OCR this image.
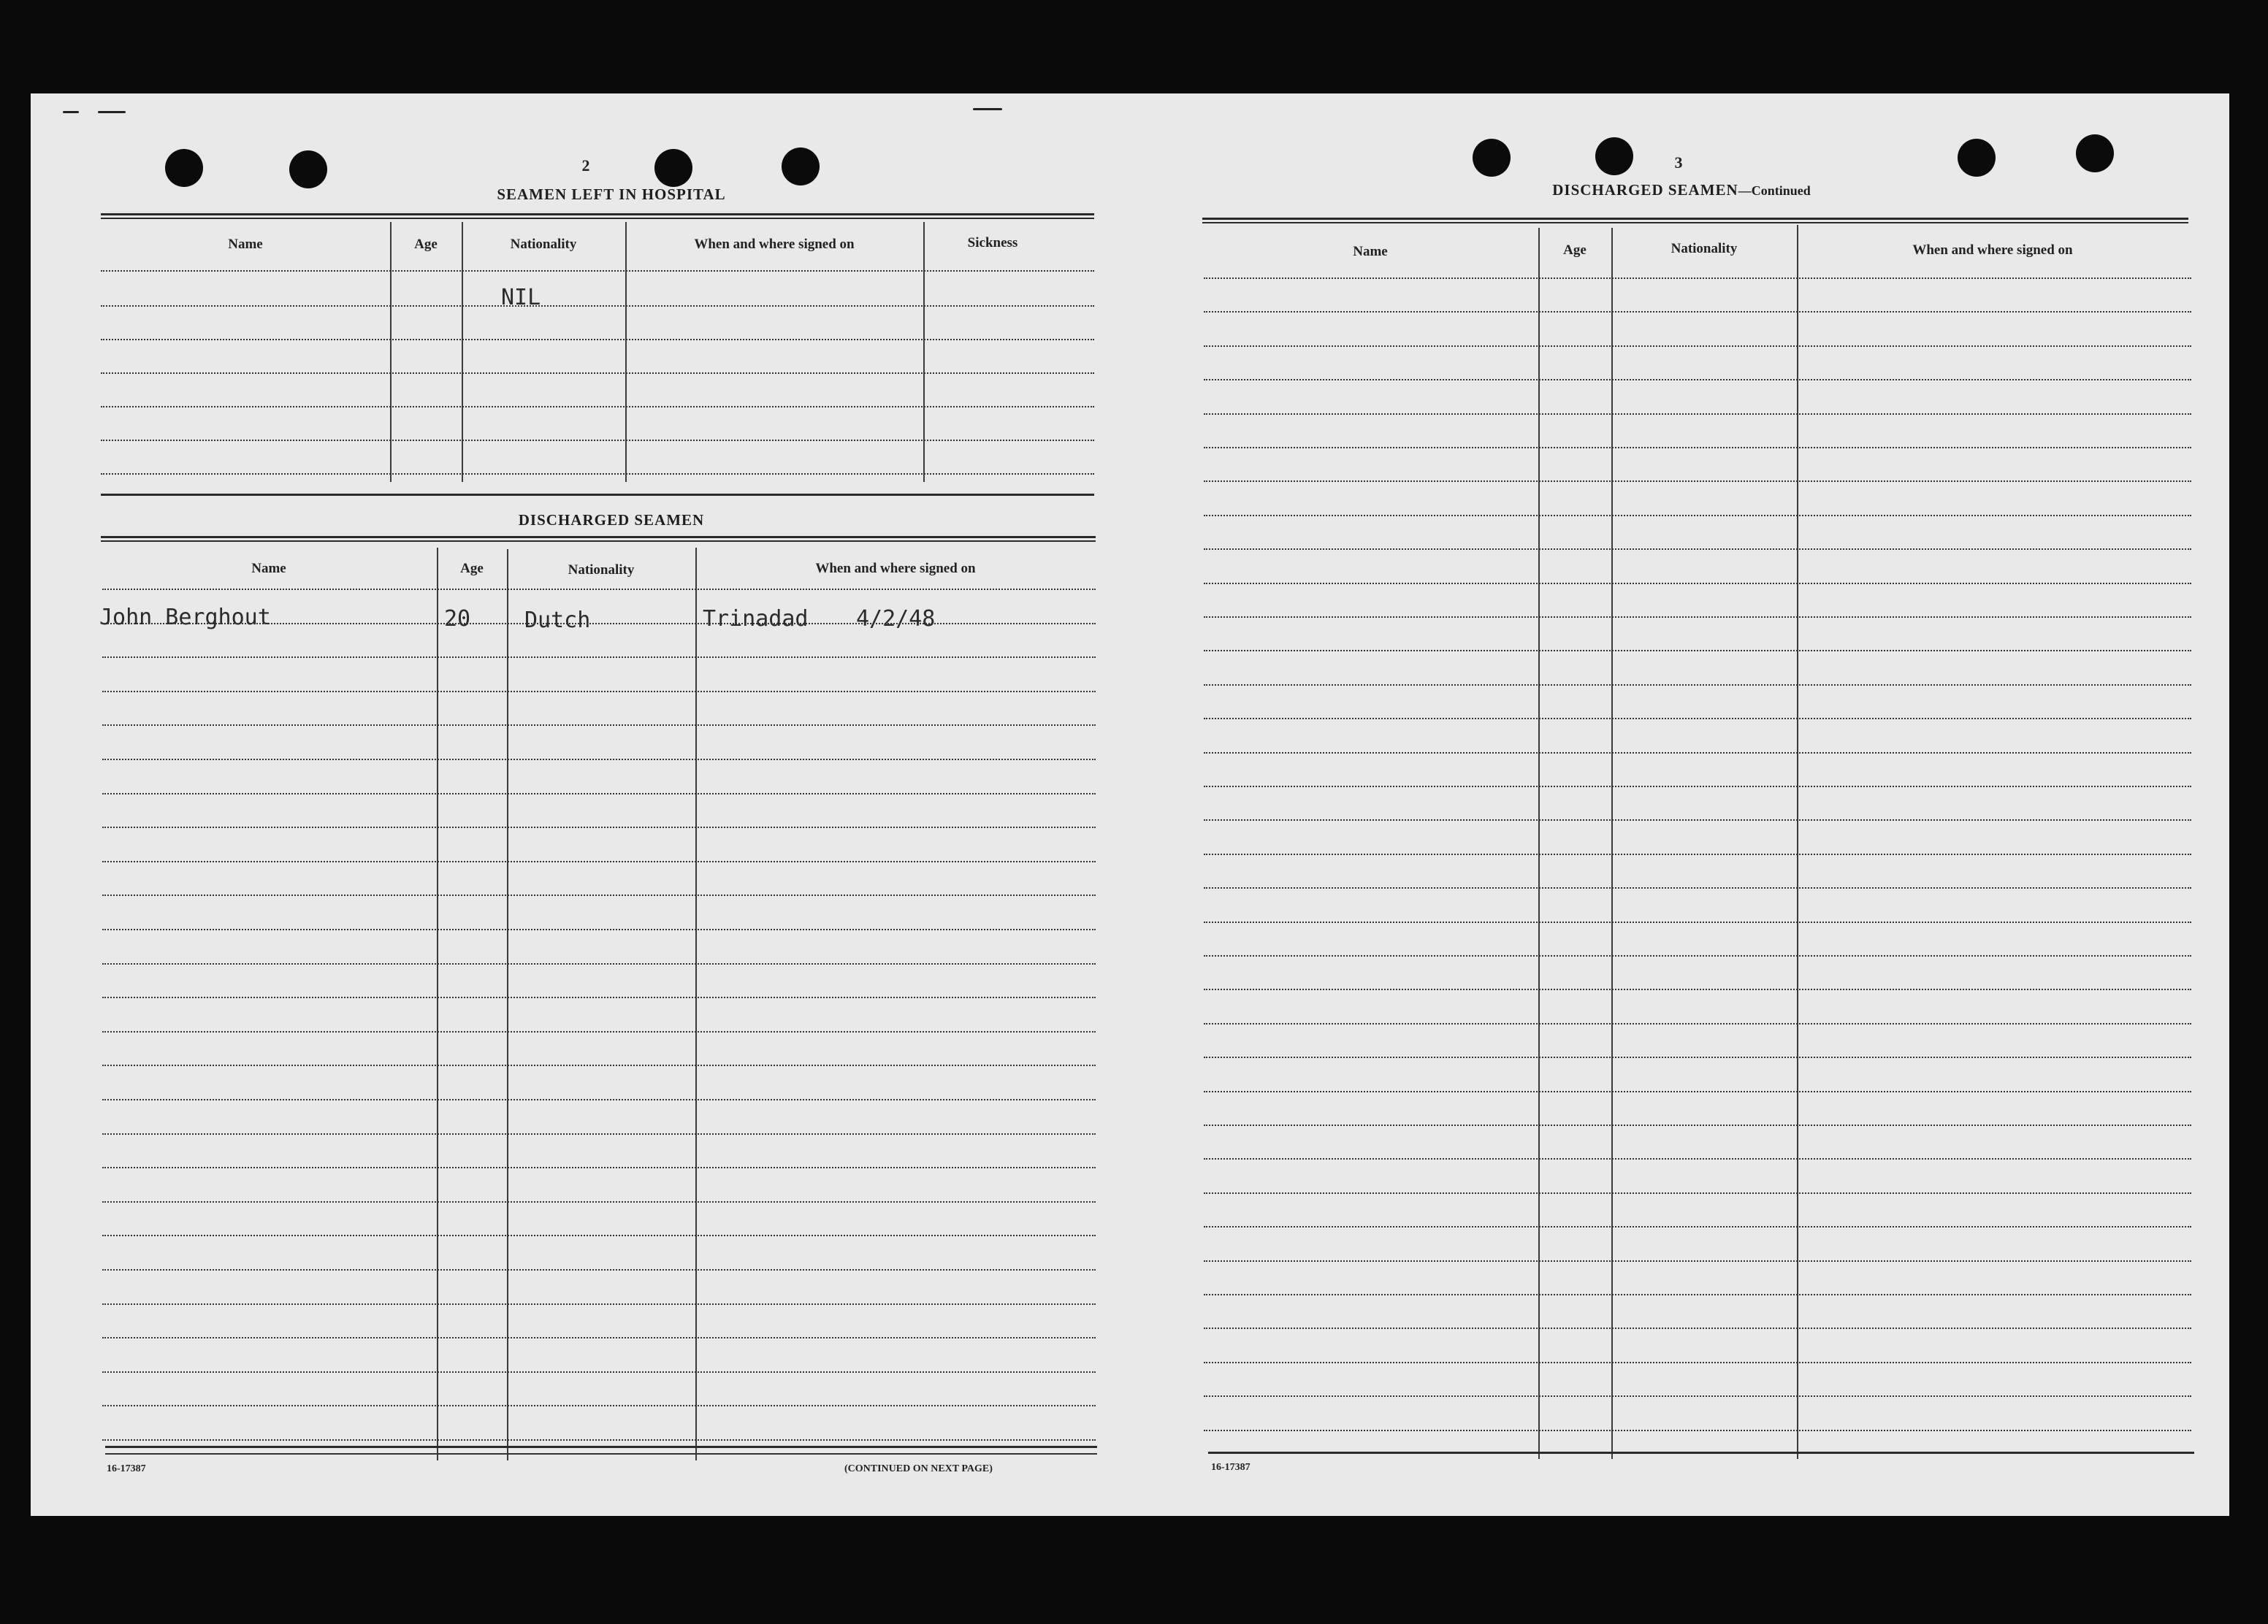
2
SEAMEN LEFT IN HOSPITAL
Name	Age	Nationality	When and where signed on	Sickness
NIL
DISCHARGED SEAMEN
Name	Age	Nationality	When and where signed on
John Berghout	20 Dutch	Trinadad 4/2/48
16-17387	(CONTINUED ON NEXT PAGE)
3
DISCHARGED SEAMEN—Continued
Name	Age	Nationality	When and where signed on
16-17387
